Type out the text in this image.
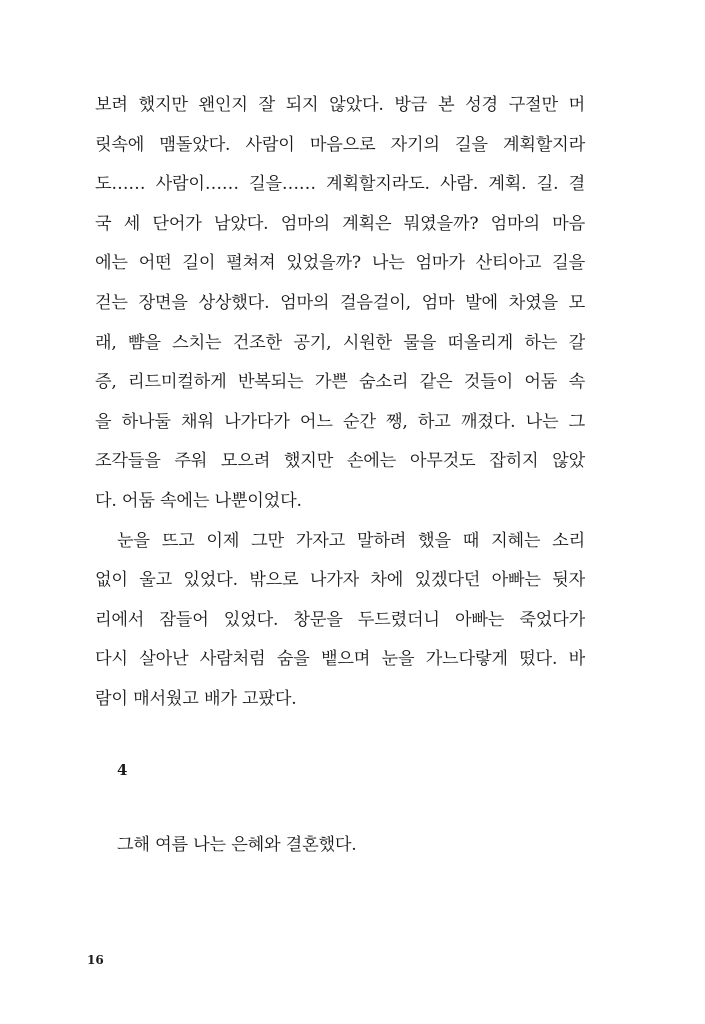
보려 했지만 왠인지 잘 되지 않았다. 방금 본 성경 구절만 머
릿속에 맴돌았다. 사람이 마음으로 자기의 길을 계획할지라
도…… 사람이…… 길을…… 계획할지라도. 사람. 계획. 길. 결
국 세 단어가 남았다. 엄마의 계획은 뭐였을까? 엄마의 마음
에는 어떤 길이 펼쳐져 있었을까? 나는 엄마가 산티아고 길을
걷는 장면을 상상했다. 엄마의 걸음걸이, 엄마 발에 차였을 모
래, 뺨을 스치는 건조한 공기, 시원한 물을 떠올리게 하는 갈
증, 리드미컬하게 반복되는 가쁜 숨소리 같은 것들이 어둠 속
을 하나둘 채워 나가다가 어느 순간 쨍, 하고 깨졌다. 나는 그
조각들을 주워 모으려 했지만 손에는 아무것도 잡히지 않았
다. 어둠 속에는 나뿐이었다.
눈을 뜨고 이제 그만 가자고 말하려 했을 때 지혜는 소리
없이 울고 있었다. 밖으로 나가자 차에 있겠다던 아빠는 뒷자
리에서 잠들어 있었다. 창문을 두드렸더니 아빠는 죽었다가
다시 살아난 사람처럼 숨을 뱉으며 눈을 가느다랗게 떴다. 바
람이 매서웠고 배가 고팠다.
4
그해 여름 나는 은혜와 결혼했다.
16
